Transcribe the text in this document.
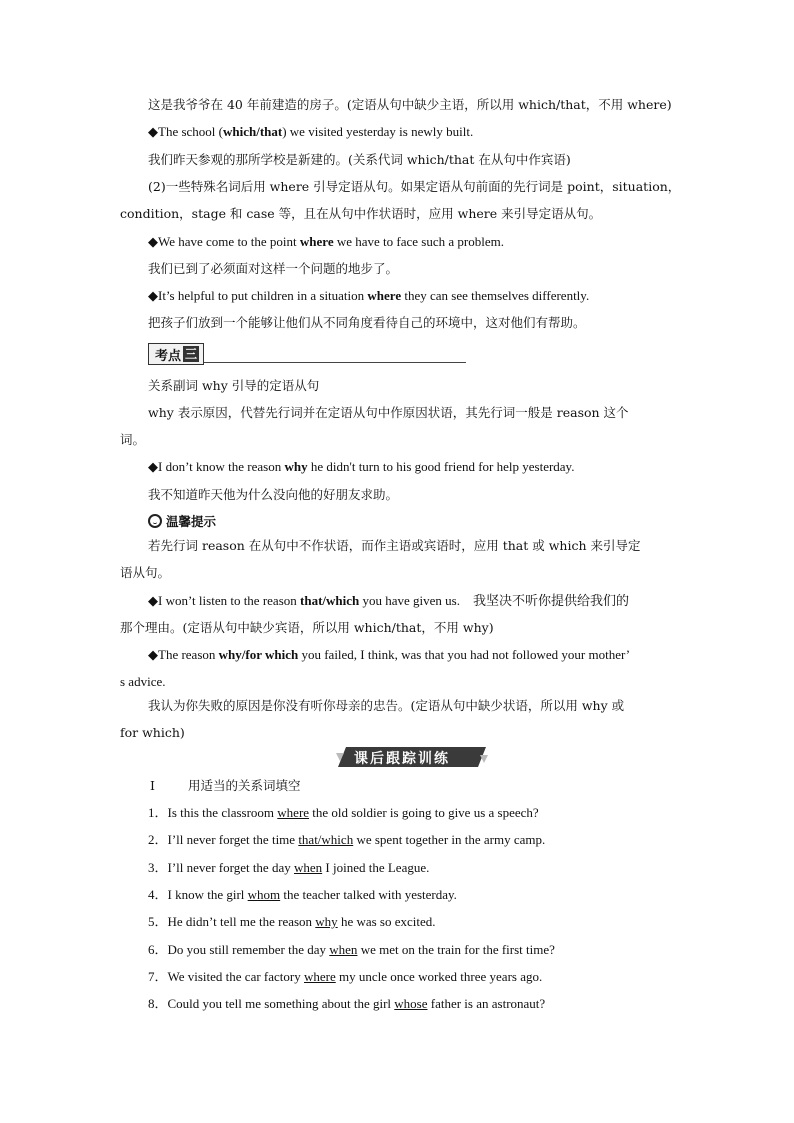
这是我爷爷在 40 年前建造的房子。(定语从句中缺少主语，所以用 which/that，不用 where)
◆The school (which/that) we visited yesterday is newly built.
我们昨天参观的那所学校是新建的。(关系代词 which/that 在从句中作宾语)
(2)一些特殊名词后用 where 引导定语从句。如果定语从句前面的先行词是 point，situation，
condition，stage 和 case 等，且在从句中作状语时，应用 where 来引导定语从句。
◆We have come to the point where we have to face such a problem.
我们已到了必须面对这样一个问题的地步了。
◆It’s helpful to put children in a situation where they can see themselves differently.
把孩子们放到一个能够让他们从不同角度看待自己的环境中，这对他们有帮助。
考点 三
关系副词 why 引导的定语从句
why 表示原因，代替先行词并在定语从句中作原因状语，其先行词一般是 reason 这个
词。
◆I don’t know the reason why he didn't turn to his good friend for help yesterday.
我不知道昨天他为什么没向他的好朋友求助。
温馨提示
若先行词 reason 在从句中不作状语，而作主语或宾语时，应用 that 或 which 来引导定
语从句。
◆I won’t listen to the reason that/which you have given us.　我坚决不听你提供给我们的
那个理由。(定语从句中缺少宾语，所以用 which/that，不用 why)
◆The reason why/for which you failed, I think, was that you had not followed your mother’
s advice.
我认为你失败的原因是你没有听你母亲的忠告。(定语从句中缺少状语，所以用 why 或
for which)
课后跟踪训练
Ⅰ	用适当的关系词填空
1．Is this the classroom where the old soldier is going to give us a speech?
2．I’ll never forget the time that/which we spent together in the army camp.
3．I’ll never forget the day when I joined the League.
4．I know the girl whom the teacher talked with yesterday.
5．He didn’t tell me the reason why he was so excited.
6．Do you still remember the day when we met on the train for the first time?
7．We visited the car factory where my uncle once worked three years ago.
8．Could you tell me something about the girl whose father is an astronaut?
